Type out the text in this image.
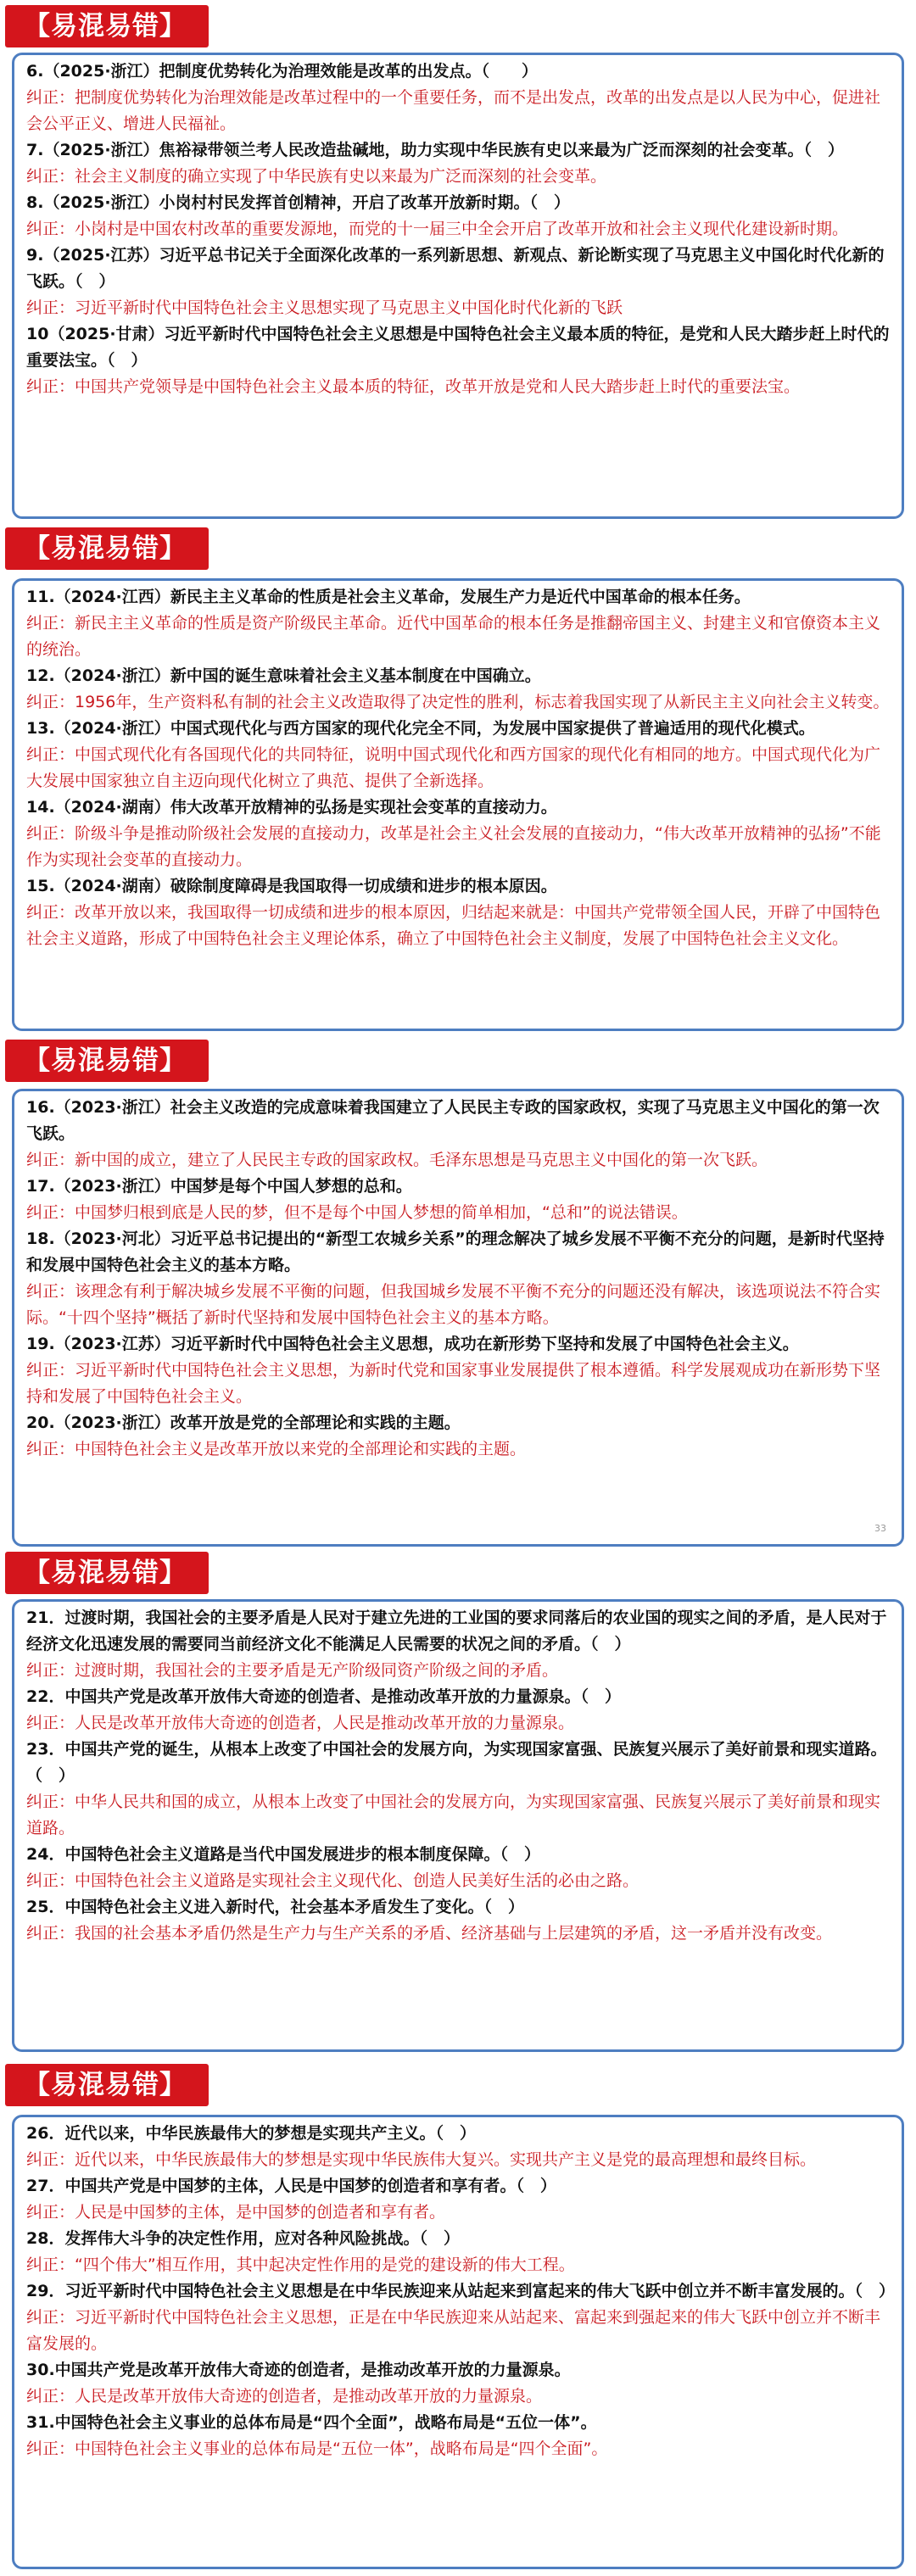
【易混易错】

6.（2025·浙江）把制度优势转化为治理效能是改革的出发点。（　　）

纠正：把制度优势转化为治理效能是改革过程中的一个重要任务，而不是出发点，改革的出发点是以人民为中心，促进社会公平正义、增进人民福祉。

7.（2025·浙江）焦裕禄带领兰考人民改造盐碱地，助力实现中华民族有史以来最为广泛而深刻的社会变革。（　）

纠正：社会主义制度的确立实现了中华民族有史以来最为广泛而深刻的社会变革。

8.（2025·浙江）小岗村村民发挥首创精神，开启了改革开放新时期。（　）

纠正：小岗村是中国农村改革的重要发源地，而党的十一届三中全会开启了改革开放和社会主义现代化建设新时期。

9.（2025·江苏）习近平总书记关于全面深化改革的一系列新思想、新观点、新论断实现了马克思主义中国化时代化新的飞跃。（　）

纠正：习近平新时代中国特色社会主义思想实现了马克思主义中国化时代化新的飞跃

10（2025·甘肃）习近平新时代中国特色社会主义思想是中国特色社会主义最本质的特征，是党和人民大踏步赶上时代的重要法宝。（　）

纠正：中国共产党领导是中国特色社会主义最本质的特征，改革开放是党和人民大踏步赶上时代的重要法宝。

【易混易错】

11.（2024·江西）新民主主义革命的性质是社会主义革命，发展生产力是近代中国革命的根本任务。

纠正：新民主主义革命的性质是资产阶级民主革命。近代中国革命的根本任务是推翻帝国主义、封建主义和官僚资本主义的统治。

12.（2024·浙江）新中国的诞生意味着社会主义基本制度在中国确立。

纠正：1956年，生产资料私有制的社会主义改造取得了决定性的胜利，标志着我国实现了从新民主主义向社会主义转变。

13.（2024·浙江）中国式现代化与西方国家的现代化完全不同，为发展中国家提供了普遍适用的现代化模式。

纠正：中国式现代化有各国现代化的共同特征，说明中国式现代化和西方国家的现代化有相同的地方。中国式现代化为广大发展中国家独立自主迈向现代化树立了典范、提供了全新选择。

14.（2024·湖南）伟大改革开放精神的弘扬是实现社会变革的直接动力。

纠正：阶级斗争是推动阶级社会发展的直接动力，改革是社会主义社会发展的直接动力，“伟大改革开放精神的弘扬”不能作为实现社会变革的直接动力。

15.（2024·湖南）破除制度障碍是我国取得一切成绩和进步的根本原因。

纠正：改革开放以来，我国取得一切成绩和进步的根本原因，归结起来就是：中国共产党带领全国人民，开辟了中国特色社会主义道路，形成了中国特色社会主义理论体系，确立了中国特色社会主义制度，发展了中国特色社会主义文化。

【易混易错】

16.（2023·浙江）社会主义改造的完成意味着我国建立了人民民主专政的国家政权，实现了马克思主义中国化的第一次飞跃。

纠正：新中国的成立，建立了人民民主专政的国家政权。毛泽东思想是马克思主义中国化的第一次飞跃。

17.（2023·浙江）中国梦是每个中国人梦想的总和。

纠正：中国梦归根到底是人民的梦，但不是每个中国人梦想的简单相加，“总和”的说法错误。

18.（2023·河北）习近平总书记提出的“新型工农城乡关系”的理念解决了城乡发展不平衡不充分的问题，是新时代坚持和发展中国特色社会主义的基本方略。

纠正：该理念有利于解决城乡发展不平衡的问题，但我国城乡发展不平衡不充分的问题还没有解决，该选项说法不符合实际。“十四个坚持”概括了新时代坚持和发展中国特色社会主义的基本方略。

19.（2023·江苏）习近平新时代中国特色社会主义思想，成功在新形势下坚持和发展了中国特色社会主义。

纠正：习近平新时代中国特色社会主义思想，为新时代党和国家事业发展提供了根本遵循。科学发展观成功在新形势下坚持和发展了中国特色社会主义。

20.（2023·浙江）改革开放是党的全部理论和实践的主题。

纠正：中国特色社会主义是改革开放以来党的全部理论和实践的主题。

33
【易混易错】

21．过渡时期，我国社会的主要矛盾是人民对于建立先进的工业国的要求同落后的农业国的现实之间的矛盾，是人民对于经济文化迅速发展的需要同当前经济文化不能满足人民需要的状况之间的矛盾。（　）

纠正：过渡时期，我国社会的主要矛盾是无产阶级同资产阶级之间的矛盾。

22．中国共产党是改革开放伟大奇迹的创造者、是推动改革开放的力量源泉。（　）

纠正：人民是改革开放伟大奇迹的创造者，人民是推动改革开放的力量源泉。

23．中国共产党的诞生，从根本上改变了中国社会的发展方向，为实现国家富强、民族复兴展示了美好前景和现实道路。（　）

纠正：中华人民共和国的成立，从根本上改变了中国社会的发展方向，为实现国家富强、民族复兴展示了美好前景和现实道路。

24．中国特色社会主义道路是当代中国发展进步的根本制度保障。（　）

纠正：中国特色社会主义道路是实现社会主义现代化、创造人民美好生活的必由之路。

25．中国特色社会主义进入新时代，社会基本矛盾发生了变化。（　）

纠正：我国的社会基本矛盾仍然是生产力与生产关系的矛盾、经济基础与上层建筑的矛盾，这一矛盾并没有改变。

【易混易错】

26．近代以来，中华民族最伟大的梦想是实现共产主义。（　）

纠正：近代以来，中华民族最伟大的梦想是实现中华民族伟大复兴。实现共产主义是党的最高理想和最终目标。

27．中国共产党是中国梦的主体，人民是中国梦的创造者和享有者。（　）

纠正：人民是中国梦的主体，是中国梦的创造者和享有者。

28．发挥伟大斗争的决定性作用，应对各种风险挑战。（　）

纠正：“四个伟大”相互作用，其中起决定性作用的是党的建设新的伟大工程。

29．习近平新时代中国特色社会主义思想是在中华民族迎来从站起来到富起来的伟大飞跃中创立并不断丰富发展的。（　）

纠正：习近平新时代中国特色社会主义思想，正是在中华民族迎来从站起来、富起来到强起来的伟大飞跃中创立并不断丰富发展的。

30.中国共产党是改革开放伟大奇迹的创造者，是推动改革开放的力量源泉。

纠正：人民是改革开放伟大奇迹的创造者，是推动改革开放的力量源泉。

31.中国特色社会主义事业的总体布局是“四个全面”，战略布局是“五位一体”。

纠正：中国特色社会主义事业的总体布局是“五位一体”，战略布局是“四个全面”。
